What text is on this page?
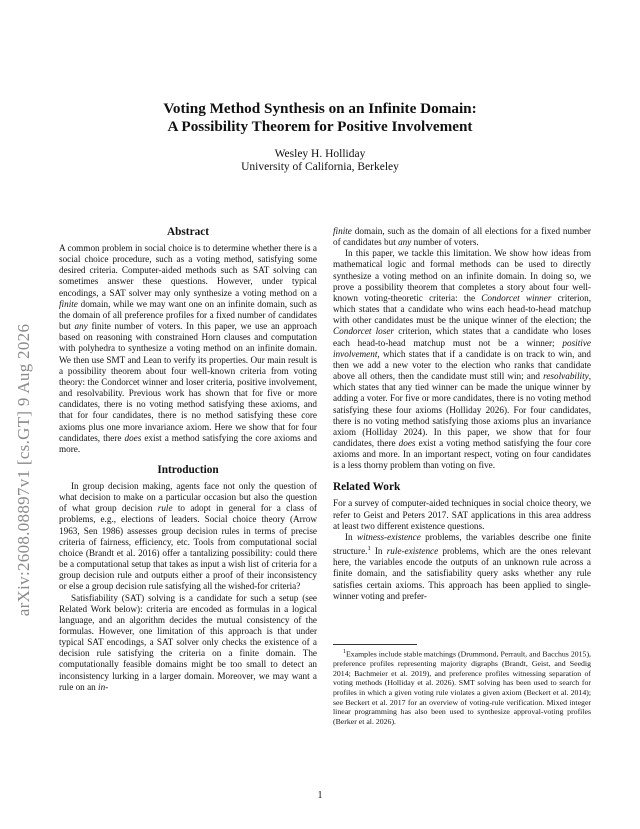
arXiv:2608.08897v1 [cs.GT] 9 Aug 2026
Voting Method Synthesis on an Infinite Domain:
A Possibility Theorem for Positive Involvement
Wesley H. Holliday
University of California, Berkeley
Abstract

A common problem in social choice is to determine whether there is a social choice procedure, such as a voting method, satisfying some desired criteria. Computer-aided methods such as SAT solving can sometimes answer these questions. However, under typical encodings, a SAT solver may only synthesize a voting method on a finite domain, while we may want one on an infinite domain, such as the domain of all preference profiles for a fixed number of candidates but any finite number of voters. In this paper, we use an approach based on reasoning with constrained Horn clauses and computation with polyhedra to synthesize a voting method on an infinite domain. We then use SMT and Lean to verify its properties. Our main result is a possibility theorem about four well-known criteria from voting theory: the Condorcet winner and loser criteria, positive involvement, and resolvability. Previous work has shown that for five or more candidates, there is no voting method satisfying these axioms, and that for four candidates, there is no method satisfying these core axioms plus one more invariance axiom. Here we show that for four candidates, there does exist a method satisfying the core axioms and more.

Introduction

In group decision making, agents face not only the question of what decision to make on a particular occasion but also the question of what group decision rule to adopt in general for a class of problems, e.g., elections of leaders. Social choice theory (Arrow 1963, Sen 1986) assesses group decision rules in terms of precise criteria of fairness, efficiency, etc. Tools from computational social choice (Brandt et al. 2016) offer a tantalizing possibility: could there be a computational setup that takes as input a wish list of criteria for a group decision rule and outputs either a proof of their inconsistency or else a group decision rule satisfying all the wished-for criteria?

Satisfiability (SAT) solving is a candidate for such a setup (see Related Work below): criteria are encoded as formulas in a logical language, and an algorithm decides the mutual consistency of the formulas. However, one limitation of this approach is that under typical SAT encodings, a SAT solver only checks the existence of a decision rule satisfying the criteria on a finite domain. The computationally feasible domains might be too small to detect an inconsistency lurking in a larger domain. Moreover, we may want a rule on an in-

finite domain, such as the domain of all elections for a fixed number of candidates but any number of voters.

In this paper, we tackle this limitation. We show how ideas from mathematical logic and formal methods can be used to directly synthesize a voting method on an infinite domain. In doing so, we prove a possibility theorem that completes a story about four well-known voting-theoretic criteria: the Condorcet winner criterion, which states that a candidate who wins each head-to-head matchup with other candidates must be the unique winner of the election; the Condorcet loser criterion, which states that a candidate who loses each head-to-head matchup must not be a winner; positive involvement, which states that if a candidate is on track to win, and then we add a new voter to the election who ranks that candidate above all others, then the candidate must still win; and resolvability, which states that any tied winner can be made the unique winner by adding a voter. For five or more candidates, there is no voting method satisfying these four axioms (Holliday 2026). For four candidates, there is no voting method satisfying those axioms plus an invariance axiom (Holliday 2024). In this paper, we show that for four candidates, there does exist a voting method satisfying the four core axioms and more. In an important respect, voting on four candidates is a less thorny problem than voting on five.

Related Work

For a survey of computer-aided techniques in social choice theory, we refer to Geist and Peters 2017. SAT applications in this area address at least two different existence questions.

In witness-existence problems, the variables describe one finite structure.$^1$ In rule-existence problems, which are the ones relevant here, the variables encode the outputs of an unknown rule across a finite domain, and the satisfiability query asks whether any rule satisfies certain axioms. This approach has been applied to single-winner voting and prefer-

$^1$Examples include stable matchings (Drummond, Perrault, and Bacchus 2015), preference profiles representing majority digraphs (Brandt, Geist, and Seedig 2014; Bachmeier et al. 2019), and preference profiles witnessing separation of voting methods (Holliday et al. 2026). SMT solving has been used to search for profiles in which a given voting rule violates a given axiom (Beckert et al. 2014); see Beckert et al. 2017 for an overview of voting-rule verification. Mixed integer linear programming has also been used to synthesize approval-voting profiles (Berker et al. 2026).
1
